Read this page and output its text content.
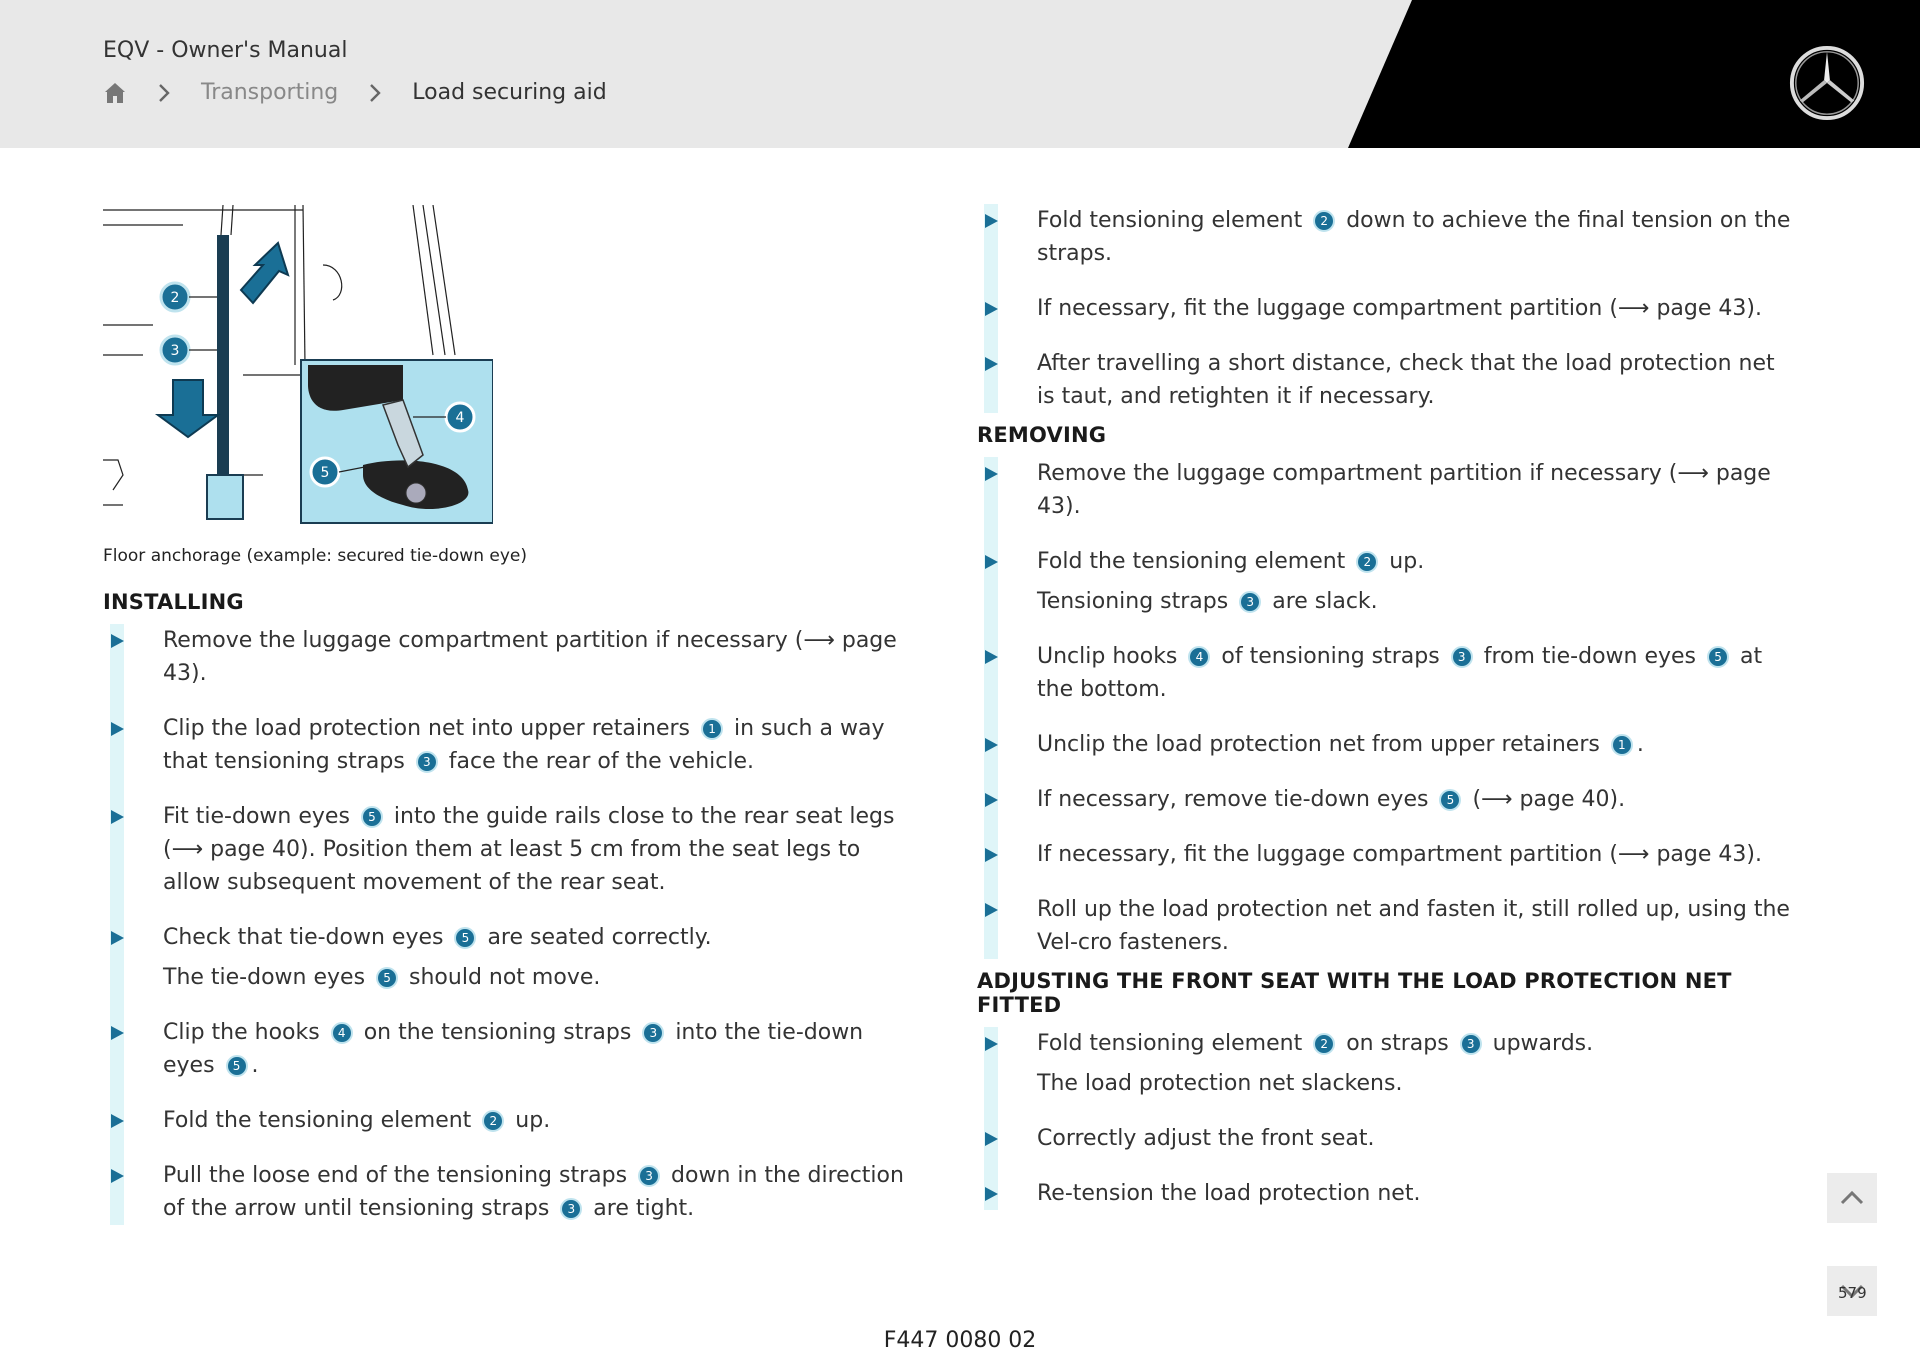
EQV - Owner's Manual
Transporting	Load securing aid
2
3
4
5
Floor anchorage (example: secured tie-down eye)
INSTALLING
Remove the luggage compartment partition if necessary (⟶ page 43).
Clip the load protection net into upper retainers 1 in such a way that tensioning straps 3 face the rear of the vehicle.
Fit tie-down eyes 5 into the guide rails close to the rear seat legs (⟶ page 40). Position them at least 5 cm from the seat legs to allow subsequent movement of the rear seat.
Check that tie-down eyes 5 are seated correctly.
The tie-down eyes 5 should not move.
Clip the hooks 4 on the tensioning straps 3 into the tie-down eyes 5 .
Fold the tensioning element 2 up.
Pull the loose end of the tensioning straps 3 down in the direction of the arrow until tensioning straps 3 are tight.
Fold tensioning element 2 down to achieve the final tension on the straps.
If necessary, fit the luggage compartment partition (⟶ page 43).
After travelling a short distance, check that the load protection net is taut, and retighten it if necessary.
REMOVING
Remove the luggage compartment partition if necessary (⟶ page 43).
Fold the tensioning element 2 up.
Tensioning straps 3 are slack.
Unclip hooks 4 of tensioning straps 3 from tie-down eyes 5 at the bottom.
Unclip the load protection net from upper retainers 1 .
If necessary, remove tie-down eyes 5 (⟶ page 40).
If necessary, fit the luggage compartment partition (⟶ page 43).
Roll up the load protection net and fasten it, still rolled up, using the Vel-cro fasteners.
ADJUSTING THE FRONT SEAT WITH THE LOAD PROTECTION NET FITTED
Fold tensioning element 2 on straps 3 upwards.
The load protection net slackens.
Correctly adjust the front seat.
Re-tension the load protection net.
579
F447 0080 02
